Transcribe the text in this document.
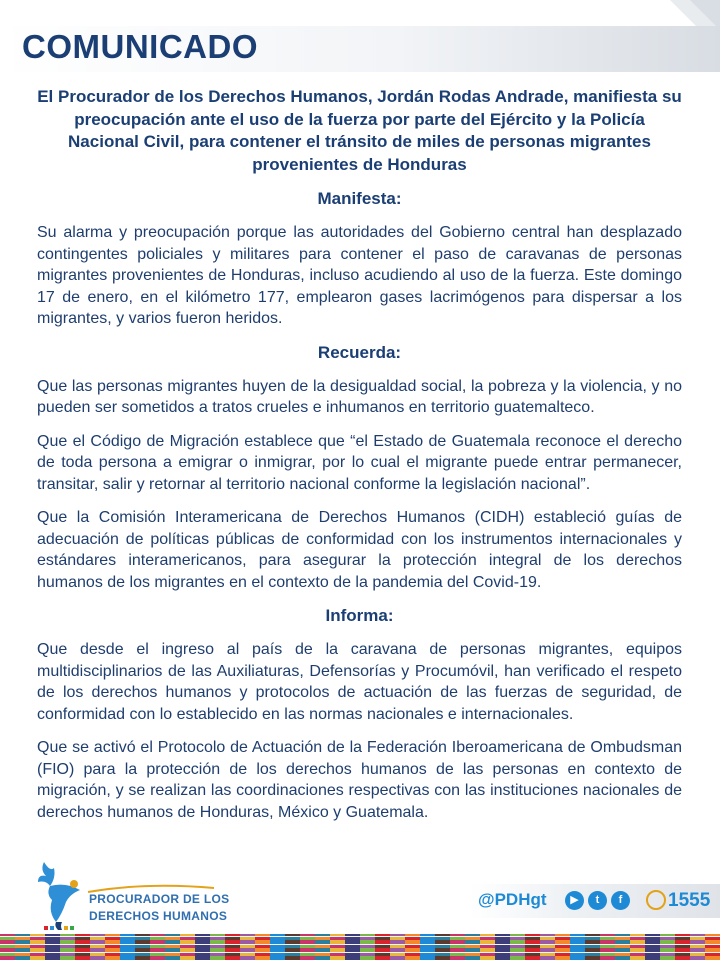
COMUNICADO

El Procurador de los Derechos Humanos, Jordán Rodas Andrade, manifiesta su preocupación ante el uso de la fuerza por parte del Ejército y la Policía Nacional Civil, para contener el tránsito de miles de personas migrantes provenientes de Honduras

Manifesta:

Su alarma y preocupación porque las autoridades del Gobierno central han desplazado contingentes policiales y militares para contener el paso de caravanas de personas migrantes provenientes de Honduras, incluso acudiendo al uso de la fuerza. Este domingo 17 de enero, en el kilómetro 177, emplearon gases lacrimógenos para dispersar a los migrantes, y varios fueron heridos.

Recuerda:

Que las personas migrantes huyen de la desigualdad social, la pobreza y la violencia, y no pueden ser sometidos a tratos crueles e inhumanos en territorio guatemalteco.

Que el Código de Migración establece que “el Estado de Guatemala reconoce el derecho de toda persona a emigrar o inmigrar, por lo cual el migrante puede entrar permanecer, transitar, salir y retornar al territorio nacional conforme la legislación nacional”.

Que la Comisión Interamericana de Derechos Humanos (CIDH) estableció guías de adecuación de políticas públicas de conformidad con los instrumentos internacionales y estándares interamericanos, para asegurar la protección integral de los derechos humanos de los migrantes en el contexto de la pandemia del Covid-19.

Informa:

Que desde el ingreso al país de la caravana de personas migrantes, equipos multidisciplinarios de las Auxiliaturas, Defensorías y Procumóvil, han verificado el respeto de los derechos humanos y protocolos de actuación de las fuerzas de seguridad, de conformidad con lo establecido en las normas nacionales e internacionales.

Que se activó el Protocolo de Actuación de la Federación Iberoamericana de Ombudsman (FIO) para la protección de los derechos humanos de las personas en contexto de migración, y se realizan las coordinaciones respectivas con las instituciones nacionales de derechos humanos de Honduras, México y Guatemala.

PROCURADOR DE LOS
DERECHOS HUMANOS
@PDHgt	▶	t	f	1555
